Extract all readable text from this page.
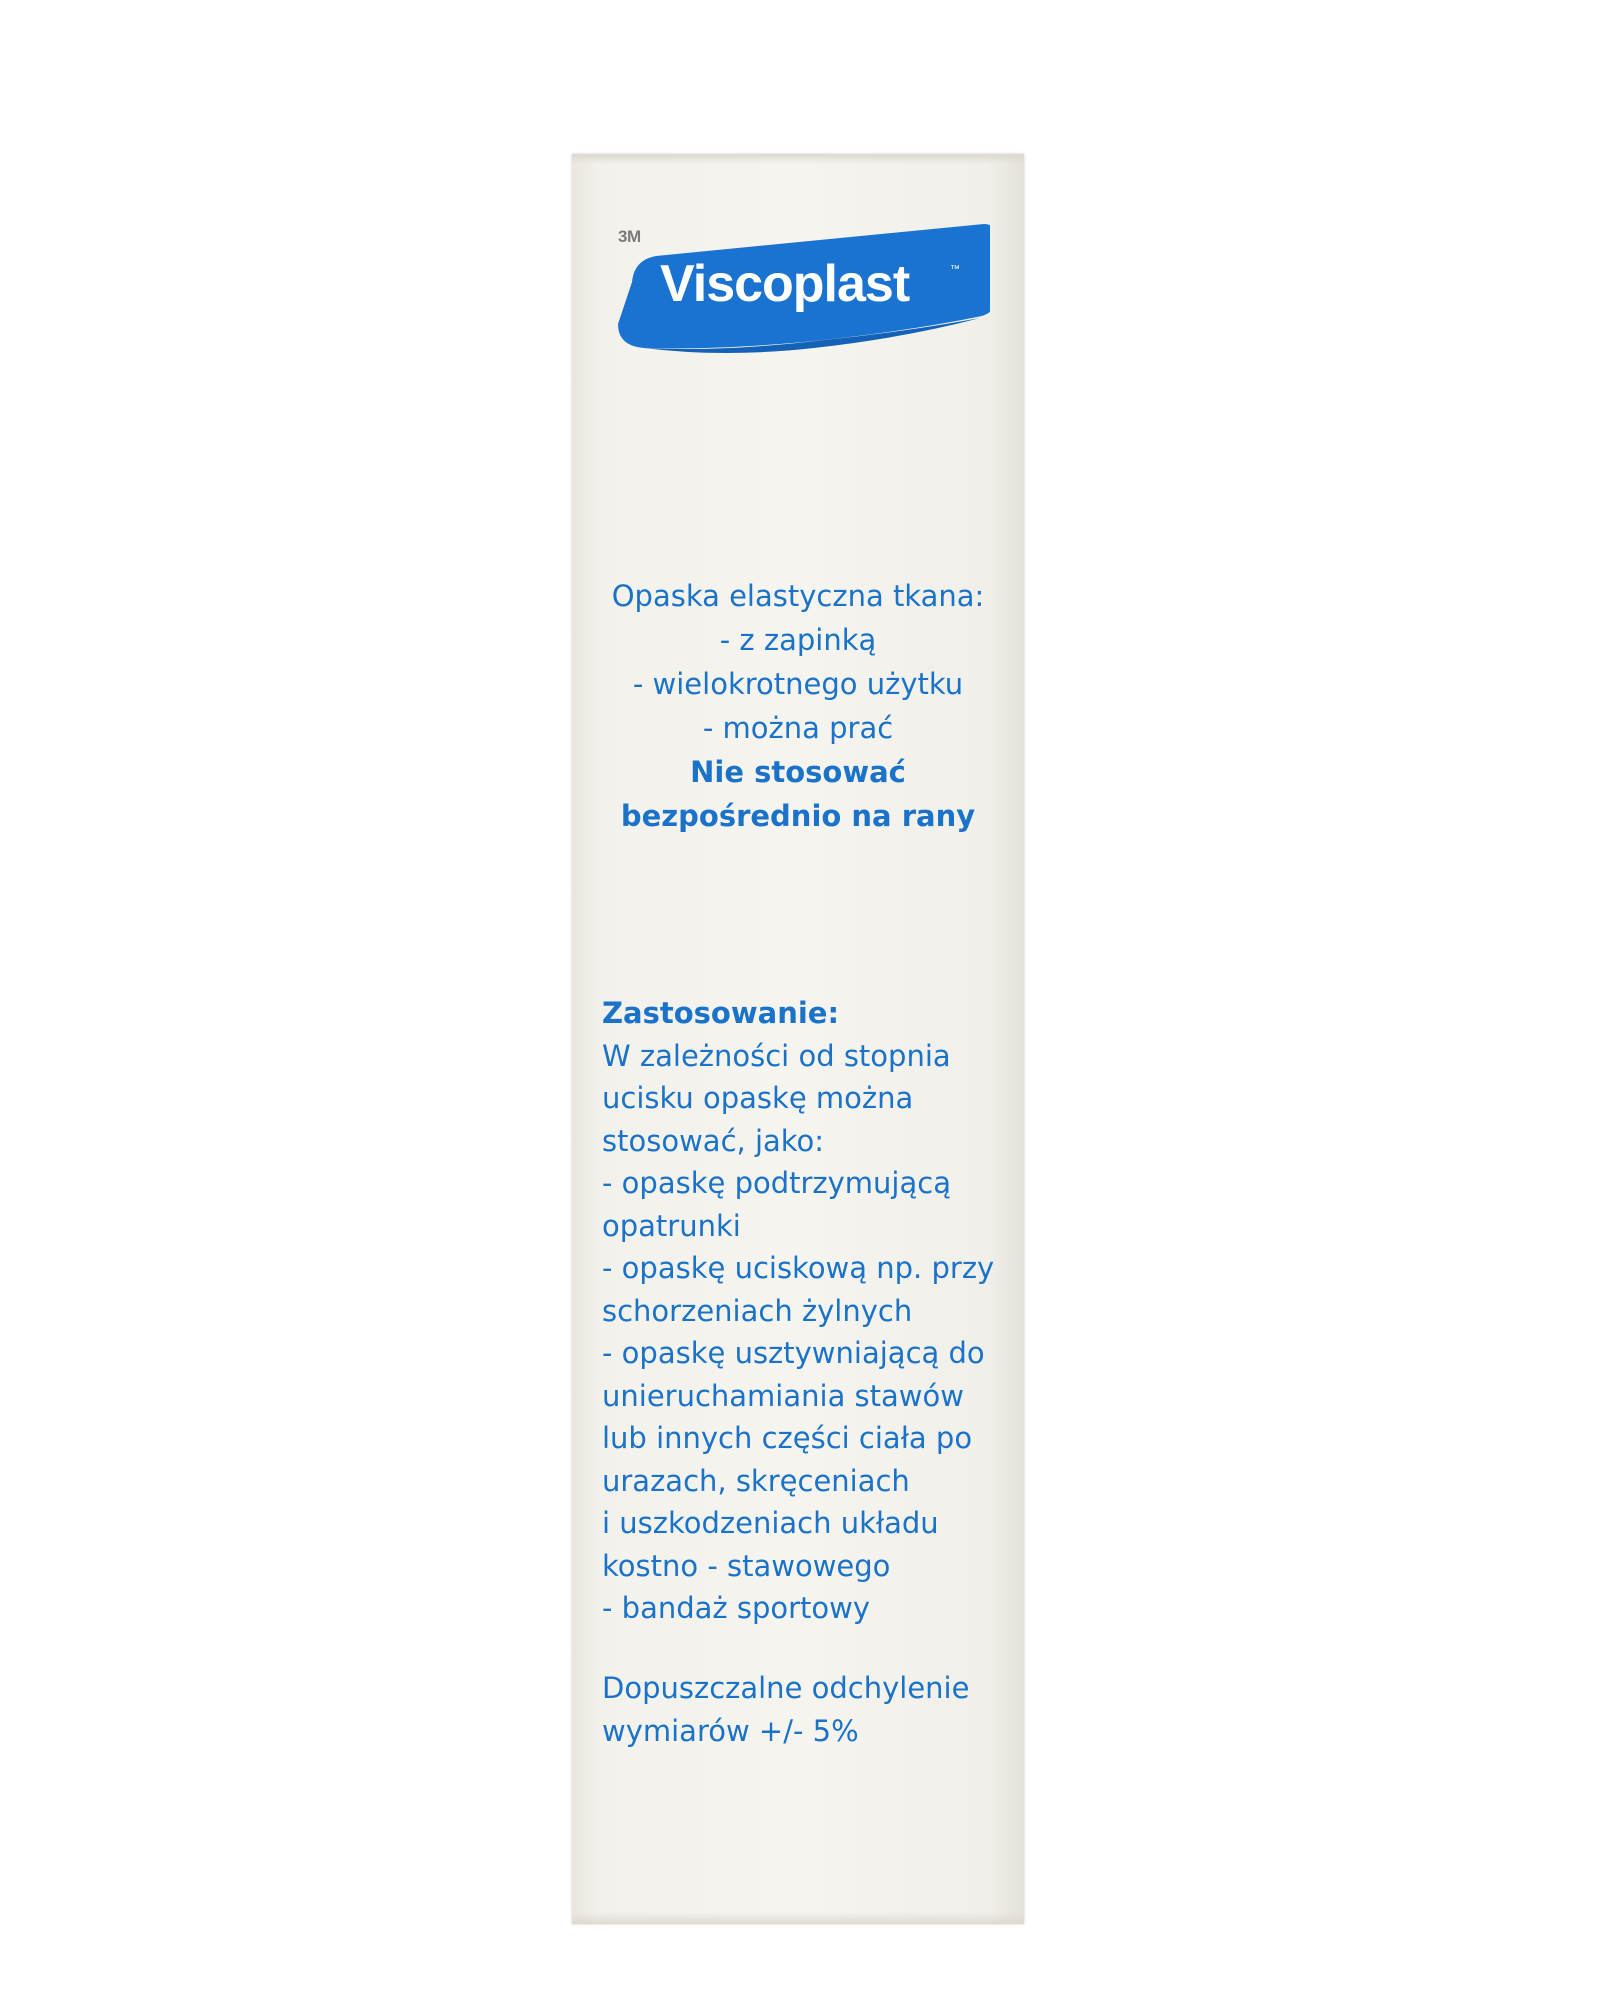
Viscoplast	™
3M
Opaska elastyczna tkana:
- z zapinką
- wielokrotnego użytku
- można prać
Nie stosować
bezpośrednio na rany
Zastosowanie:
W zależności od stopnia
ucisku opaskę można
stosować, jako:
- opaskę podtrzymującą
opatrunki
- opaskę uciskową np. przy
schorzeniach żylnych
- opaskę usztywniającą do
unieruchamiania stawów
lub innych części ciała po
urazach, skręceniach
i uszkodzeniach układu
kostno - stawowego
- bandaż sportowy
Dopuszczalne odchylenie
wymiarów +/- 5%
